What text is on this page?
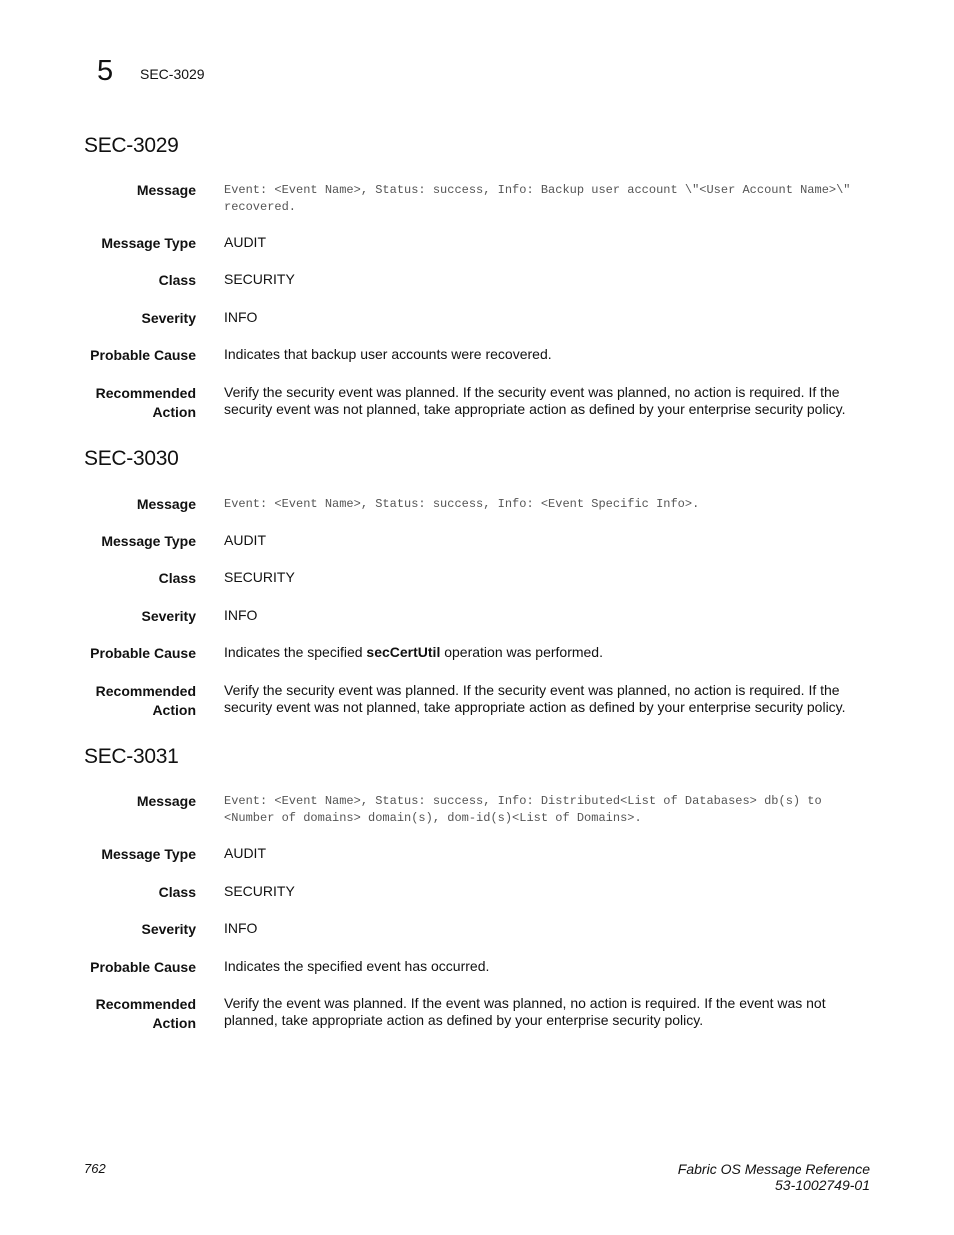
5 SEC-3029
SEC-3029
Message Event: <Event Name>, Status: success, Info: Backup user account \"<User Account Name>\" recovered.
Message Type AUDIT
Class SECURITY
Severity INFO
Probable Cause Indicates that backup user accounts were recovered.
Recommended
Action
Verify the security event was planned. If the security event was planned, no action is required. If the security event was not planned, take appropriate action as defined by your enterprise security policy.
SEC-3030
Message Event: <Event Name>, Status: success, Info: <Event Specific Info>.
Message Type AUDIT
Class SECURITY
Severity INFO
Probable Cause Indicates the specified secCertUtil operation was performed.
Recommended
Action
Verify the security event was planned. If the security event was planned, no action is required. If the security event was not planned, take appropriate action as defined by your enterprise security policy.
SEC-3031
Message Event: <Event Name>, Status: success, Info: Distributed<List of Databases> db(s) to <Number of domains> domain(s), dom-id(s)<List of Domains>.
Message Type AUDIT
Class SECURITY
Severity INFO
Probable Cause Indicates the specified event has occurred.
Recommended
Action
Verify the event was planned. If the event was planned, no action is required. If the event was not planned, take appropriate action as defined by your enterprise security policy.
762	Fabric OS Message Reference
53-1002749-01
